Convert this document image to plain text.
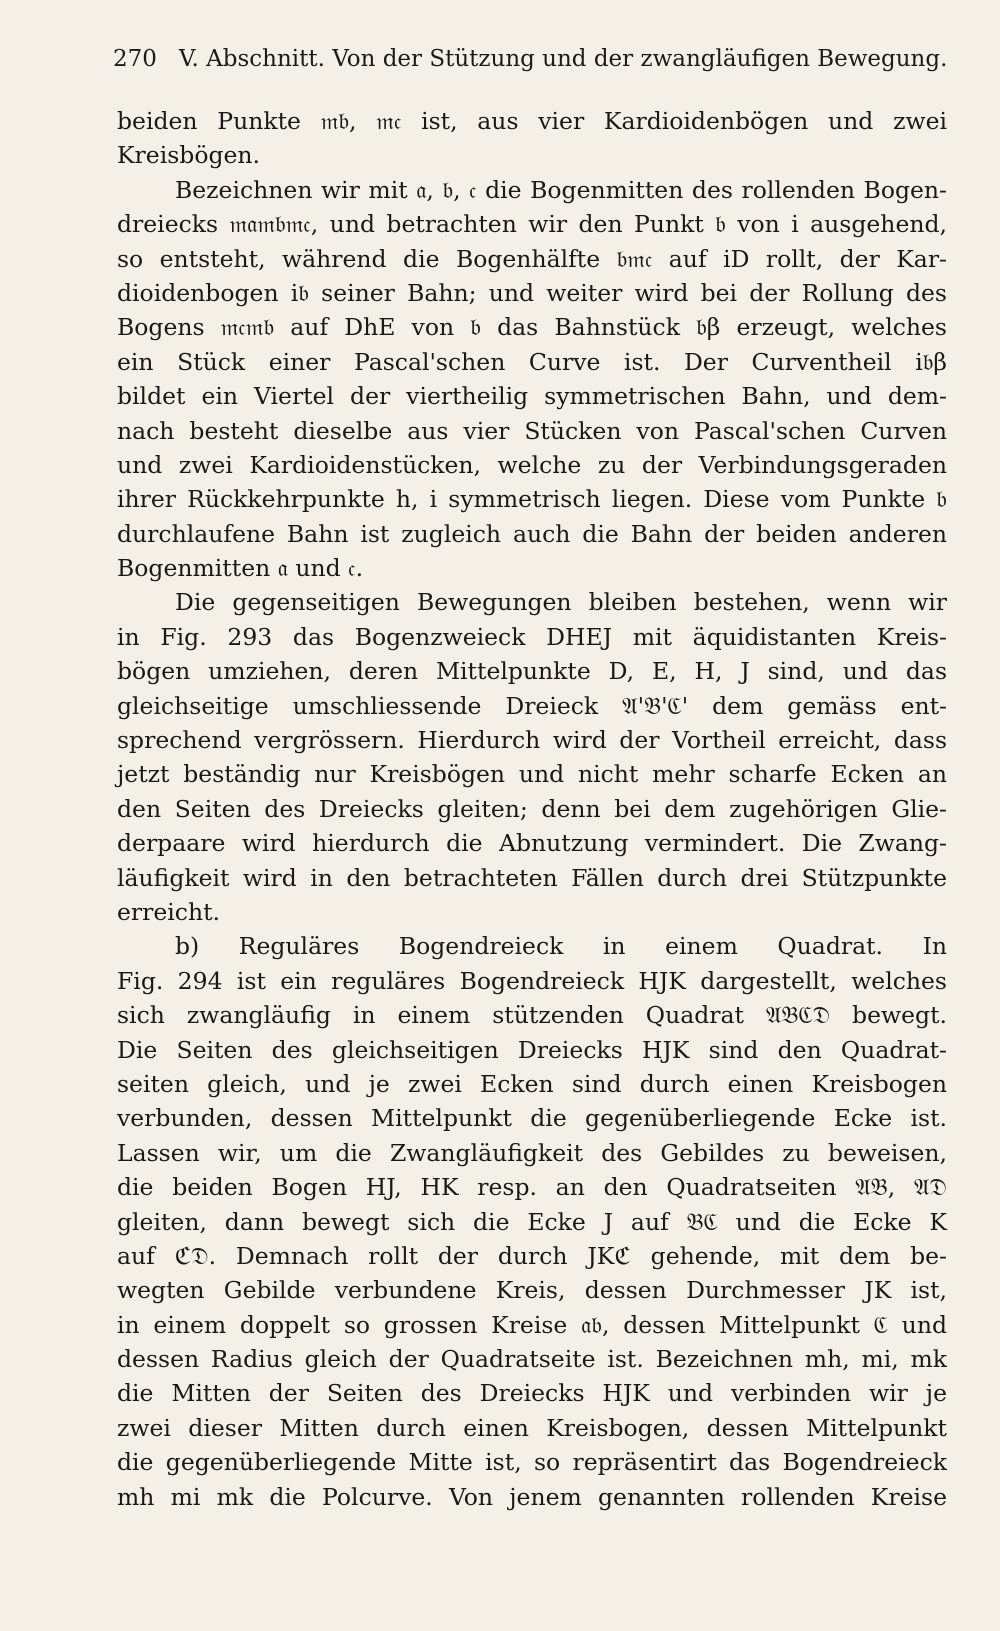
270 V. Abschnitt. Von der Stützung und der zwangläufigen Bewegung.
beiden Punkte 𝔪𝔟, 𝔪𝔠 ist, aus vier Kardioidenbögen und zwei
Kreisbögen.
Bezeichnen wir mit 𝔞, 𝔟, 𝔠 die Bogenmitten des rollenden Bogen-
dreiecks 𝔪𝔞𝔪𝔟𝔪𝔠, und betrachten wir den Punkt 𝔟 von i ausgehend,
so entsteht, während die Bogenhälfte 𝔟𝔪𝔠 auf iD rollt, der Kar-
dioidenbogen i𝔟 seiner Bahn; und weiter wird bei der Rollung des
Bogens 𝔪𝔠𝔪𝔟 auf DhE von 𝔟 das Bahnstück 𝔟β erzeugt, welches
ein Stück einer Pascal'schen Curve ist. Der Curventheil i𝔟β
bildet ein Viertel der viertheilig symmetrischen Bahn, und dem-
nach besteht dieselbe aus vier Stücken von Pascal'schen Curven
und zwei Kardioidenstücken, welche zu der Verbindungsgeraden
ihrer Rückkehrpunkte h, i symmetrisch liegen. Diese vom Punkte 𝔟
durchlaufene Bahn ist zugleich auch die Bahn der beiden anderen
Bogenmitten 𝔞 und 𝔠.
Die gegenseitigen Bewegungen bleiben bestehen, wenn wir
in Fig. 293 das Bogenzweieck DHEJ mit äquidistanten Kreis-
bögen umziehen, deren Mittelpunkte D, E, H, J sind, und das
gleichseitige umschliessende Dreieck 𝔄'𝔅'ℭ' dem gemäss ent-
sprechend vergrössern. Hierdurch wird der Vortheil erreicht, dass
jetzt beständig nur Kreisbögen und nicht mehr scharfe Ecken an
den Seiten des Dreiecks gleiten; denn bei dem zugehörigen Glie-
derpaare wird hierdurch die Abnutzung vermindert. Die Zwang-
läufigkeit wird in den betrachteten Fällen durch drei Stützpunkte
erreicht.
b) Reguläres Bogendreieck in einem Quadrat. In
Fig. 294 ist ein reguläres Bogendreieck HJK dargestellt, welches
sich zwangläufig in einem stützenden Quadrat 𝔄𝔅ℭ𝔇 bewegt.
Die Seiten des gleichseitigen Dreiecks HJK sind den Quadrat-
seiten gleich, und je zwei Ecken sind durch einen Kreisbogen
verbunden, dessen Mittelpunkt die gegenüberliegende Ecke ist.
Lassen wir, um die Zwangläufigkeit des Gebildes zu beweisen,
die beiden Bogen HJ, HK resp. an den Quadratseiten 𝔄𝔅, 𝔄𝔇
gleiten, dann bewegt sich die Ecke J auf 𝔅ℭ und die Ecke K
auf ℭ𝔇. Demnach rollt der durch JKℭ gehende, mit dem be-
wegten Gebilde verbundene Kreis, dessen Durchmesser JK ist,
in einem doppelt so grossen Kreise 𝔞𝔟, dessen Mittelpunkt ℭ und
dessen Radius gleich der Quadratseite ist. Bezeichnen mh, mi, mk
die Mitten der Seiten des Dreiecks HJK und verbinden wir je
zwei dieser Mitten durch einen Kreisbogen, dessen Mittelpunkt
die gegenüberliegende Mitte ist, so repräsentirt das Bogendreieck
mh mi mk die Polcurve. Von jenem genannten rollenden Kreise
